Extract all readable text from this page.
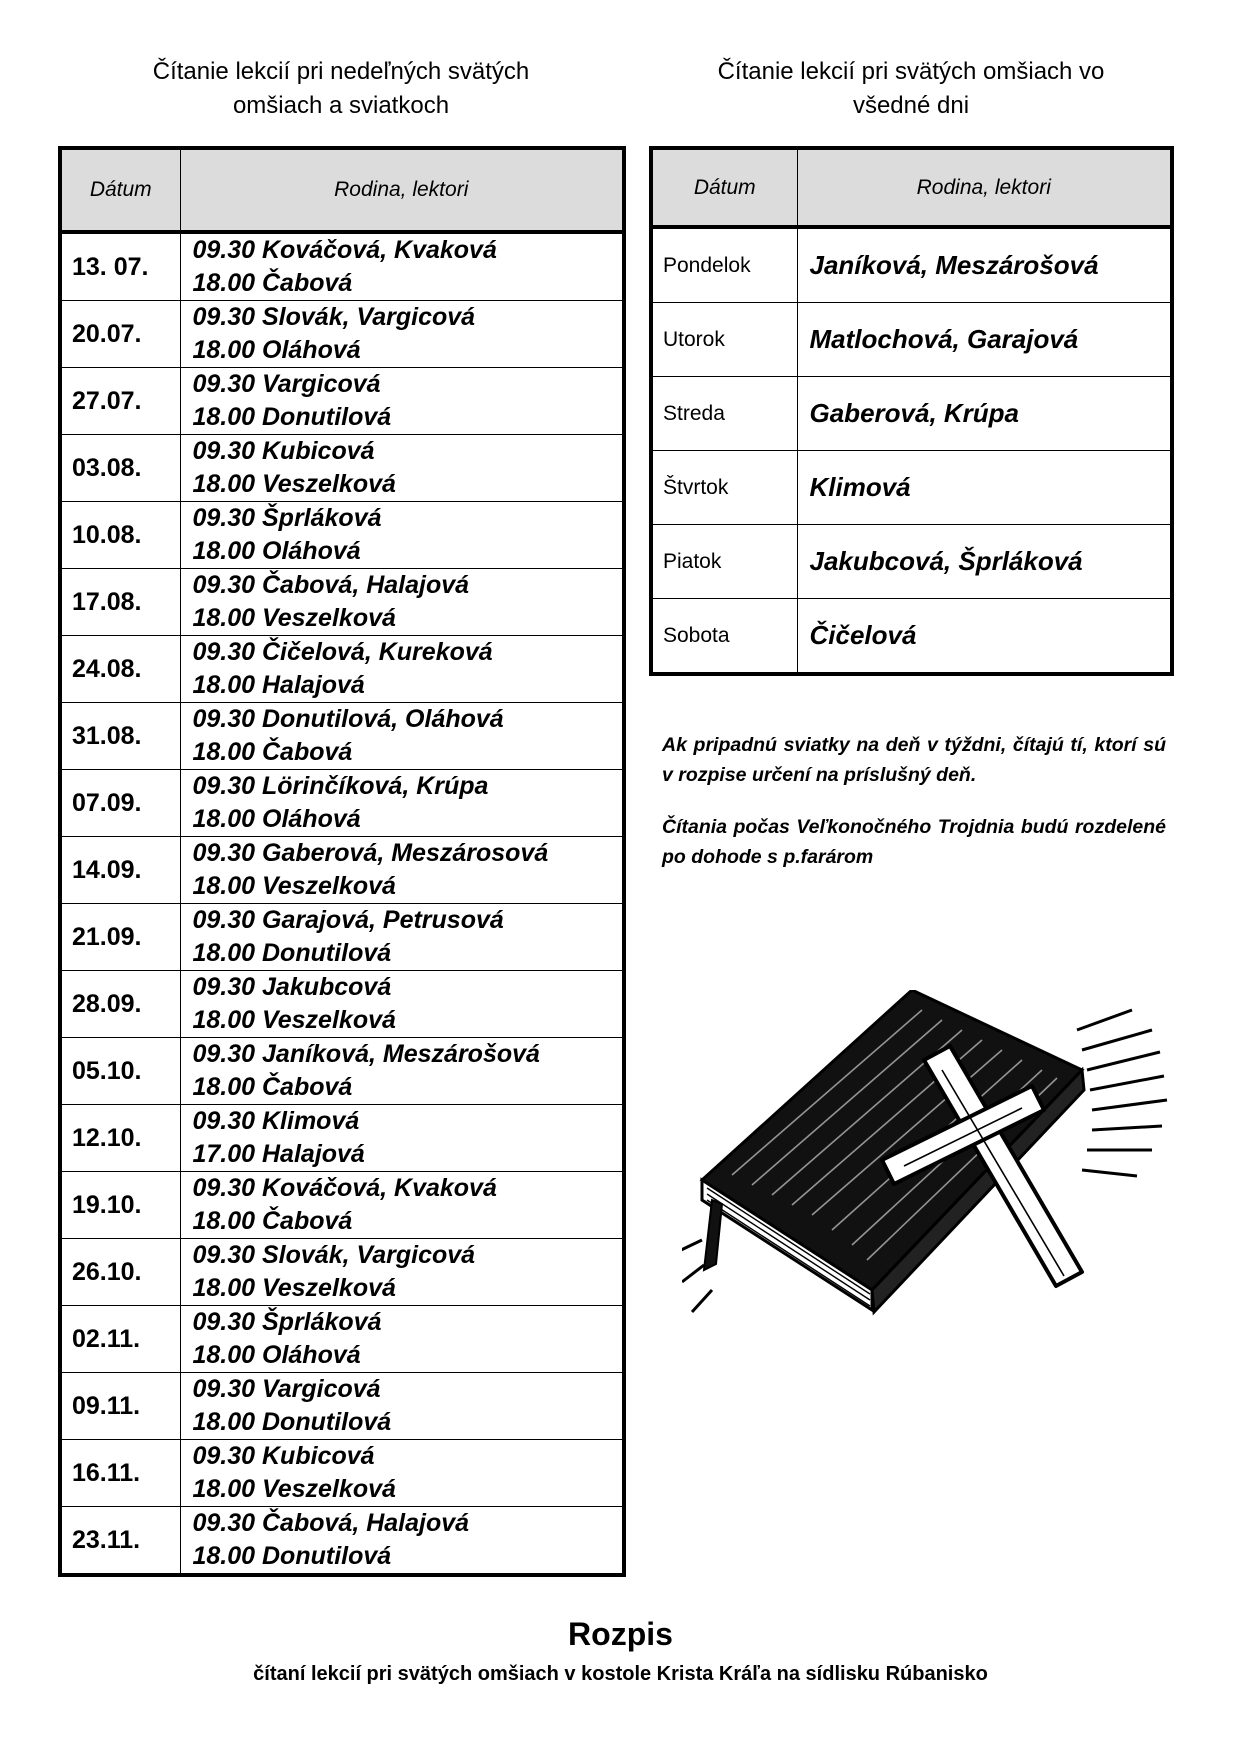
Čítanie lekcií pri nedeľných svätých
omšiach a sviatkoch
Čítanie lekcií pri svätých omšiach vo
všedné dni
Dátum	Rodina, lektori
13. 07.	09.30 Kováčová, Kvaková
18.00 Čabová

20.07.	09.30 Slovák, Vargicová
18.00 Oláhová

27.07.	09.30 Vargicová
18.00 Donutilová

03.08.	09.30 Kubicová
18.00 Veszelková

10.08.	09.30 Šprláková
18.00 Oláhová

17.08.	09.30 Čabová, Halajová
18.00 Veszelková

24.08.	09.30 Čičelová, Kureková
18.00 Halajová

31.08.	09.30 Donutilová, Oláhová
18.00 Čabová

07.09.	09.30 Lörinčíková, Krúpa
18.00 Oláhová

14.09.	09.30 Gaberová, Meszárosová
18.00 Veszelková

21.09.	09.30 Garajová, Petrusová
18.00 Donutilová

28.09.	09.30 Jakubcová
18.00 Veszelková

05.10.	09.30 Janíková, Meszárošová
18.00 Čabová

12.10.	09.30 Klimová
17.00 Halajová

19.10.	09.30 Kováčová, Kvaková
18.00 Čabová

26.10.	09.30 Slovák, Vargicová
18.00 Veszelková

02.11.	09.30 Šprláková
18.00 Oláhová

09.11.	09.30 Vargicová
18.00 Donutilová

16.11.	09.30 Kubicová
18.00 Veszelková

23.11.	09.30 Čabová, Halajová
18.00 Donutilová
Dátum	Rodina, lektori
Pondelok	Janíková, Meszárošová
Utorok	Matlochová, Garajová
Streda	Gaberová, Krúpa
Štvrtok	Klimová
Piatok	Jakubcová, Šprláková
Sobota	Čičelová
Ak pripadnú sviatky na deň v týždni, čítajú tí, ktorí sú v rozpise určení na príslušný deň.
Čítania počas Veľkonočného Trojdnia budú rozdelené po dohode s p.farárom
Rozpis
čítaní lekcií pri svätých omšiach v kostole Krista Kráľa na sídlisku Rúbanisko
